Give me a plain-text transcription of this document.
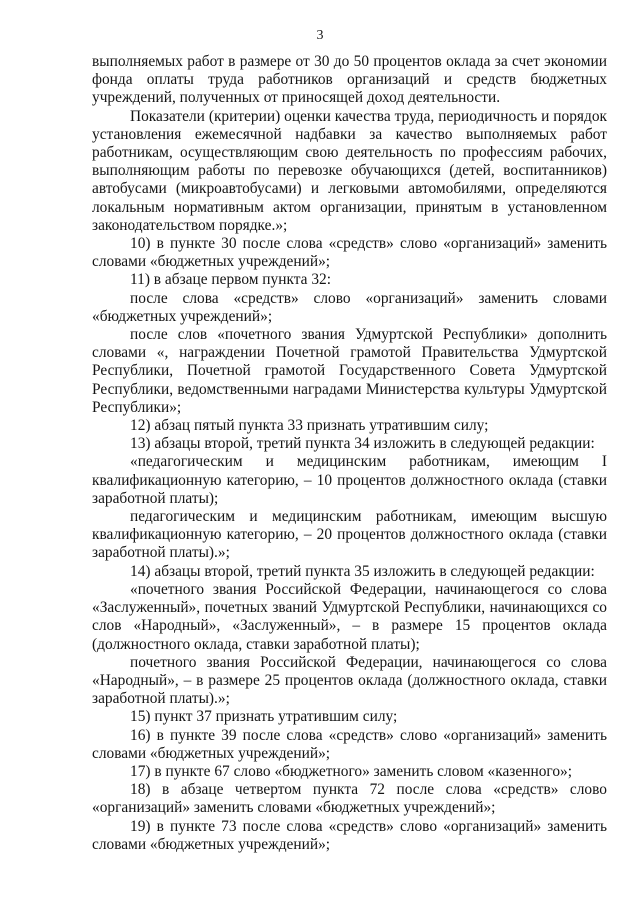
3

выполняемых работ в размере от 30 до 50 процентов оклада за счет экономии фонда оплаты труда работников организаций и средств бюджетных учреждений, полученных от приносящей доход деятельности.

Показатели (критерии) оценки качества труда, периодичность и порядок установления ежемесячной надбавки за качество выполняемых работ работникам, осуществляющим свою деятельность по профессиям рабочих, выполняющим работы по перевозке обучающихся (детей, воспитанников) автобусами (микроавтобусами) и легковыми автомобилями, определяются локальным нормативным актом организации, принятым в установленном законодательством порядке.»;

10) в пункте 30 после слова «средств» слово «организаций» заменить словами «бюджетных учреждений»;

11) в абзаце первом пункта 32:

после слова «средств» слово «организаций» заменить словами «бюджетных учреждений»;

после слов «почетного звания Удмуртской Республики» дополнить словами «, награждении Почетной грамотой Правительства Удмуртской Республики, Почетной грамотой Государственного Совета Удмуртской Республики, ведомственными наградами Министерства культуры Удмуртской Республики»;

12) абзац пятый пункта 33 признать утратившим силу;

13) абзацы второй, третий пункта 34 изложить в следующей редакции:

«педагогическим и медицинским работникам, имеющим I квалификационную категорию, – 10 процентов должностного оклада (ставки заработной платы);

педагогическим и медицинским работникам, имеющим высшую квалификационную категорию, – 20 процентов должностного оклада (ставки заработной платы).»;

14) абзацы второй, третий пункта 35 изложить в следующей редакции:

«почетного звания Российской Федерации, начинающегося со слова «Заслуженный», почетных званий Удмуртской Республики, начинающихся со слов «Народный», «Заслуженный», – в размере 15 процентов оклада (должностного оклада, ставки заработной платы);

почетного звания Российской Федерации, начинающегося со слова «Народный», – в размере 25 процентов оклада (должностного оклада, ставки заработной платы).»;

15) пункт 37 признать утратившим силу;

16) в пункте 39 после слова «средств» слово «организаций» заменить словами «бюджетных учреждений»;

17) в пункте 67 слово «бюджетного» заменить словом «казенного»;

18) в абзаце четвертом пункта 72 после слова «средств» слово «организаций» заменить словами «бюджетных учреждений»;

19) в пункте 73 после слова «средств» слово «организаций» заменить словами «бюджетных учреждений»;
